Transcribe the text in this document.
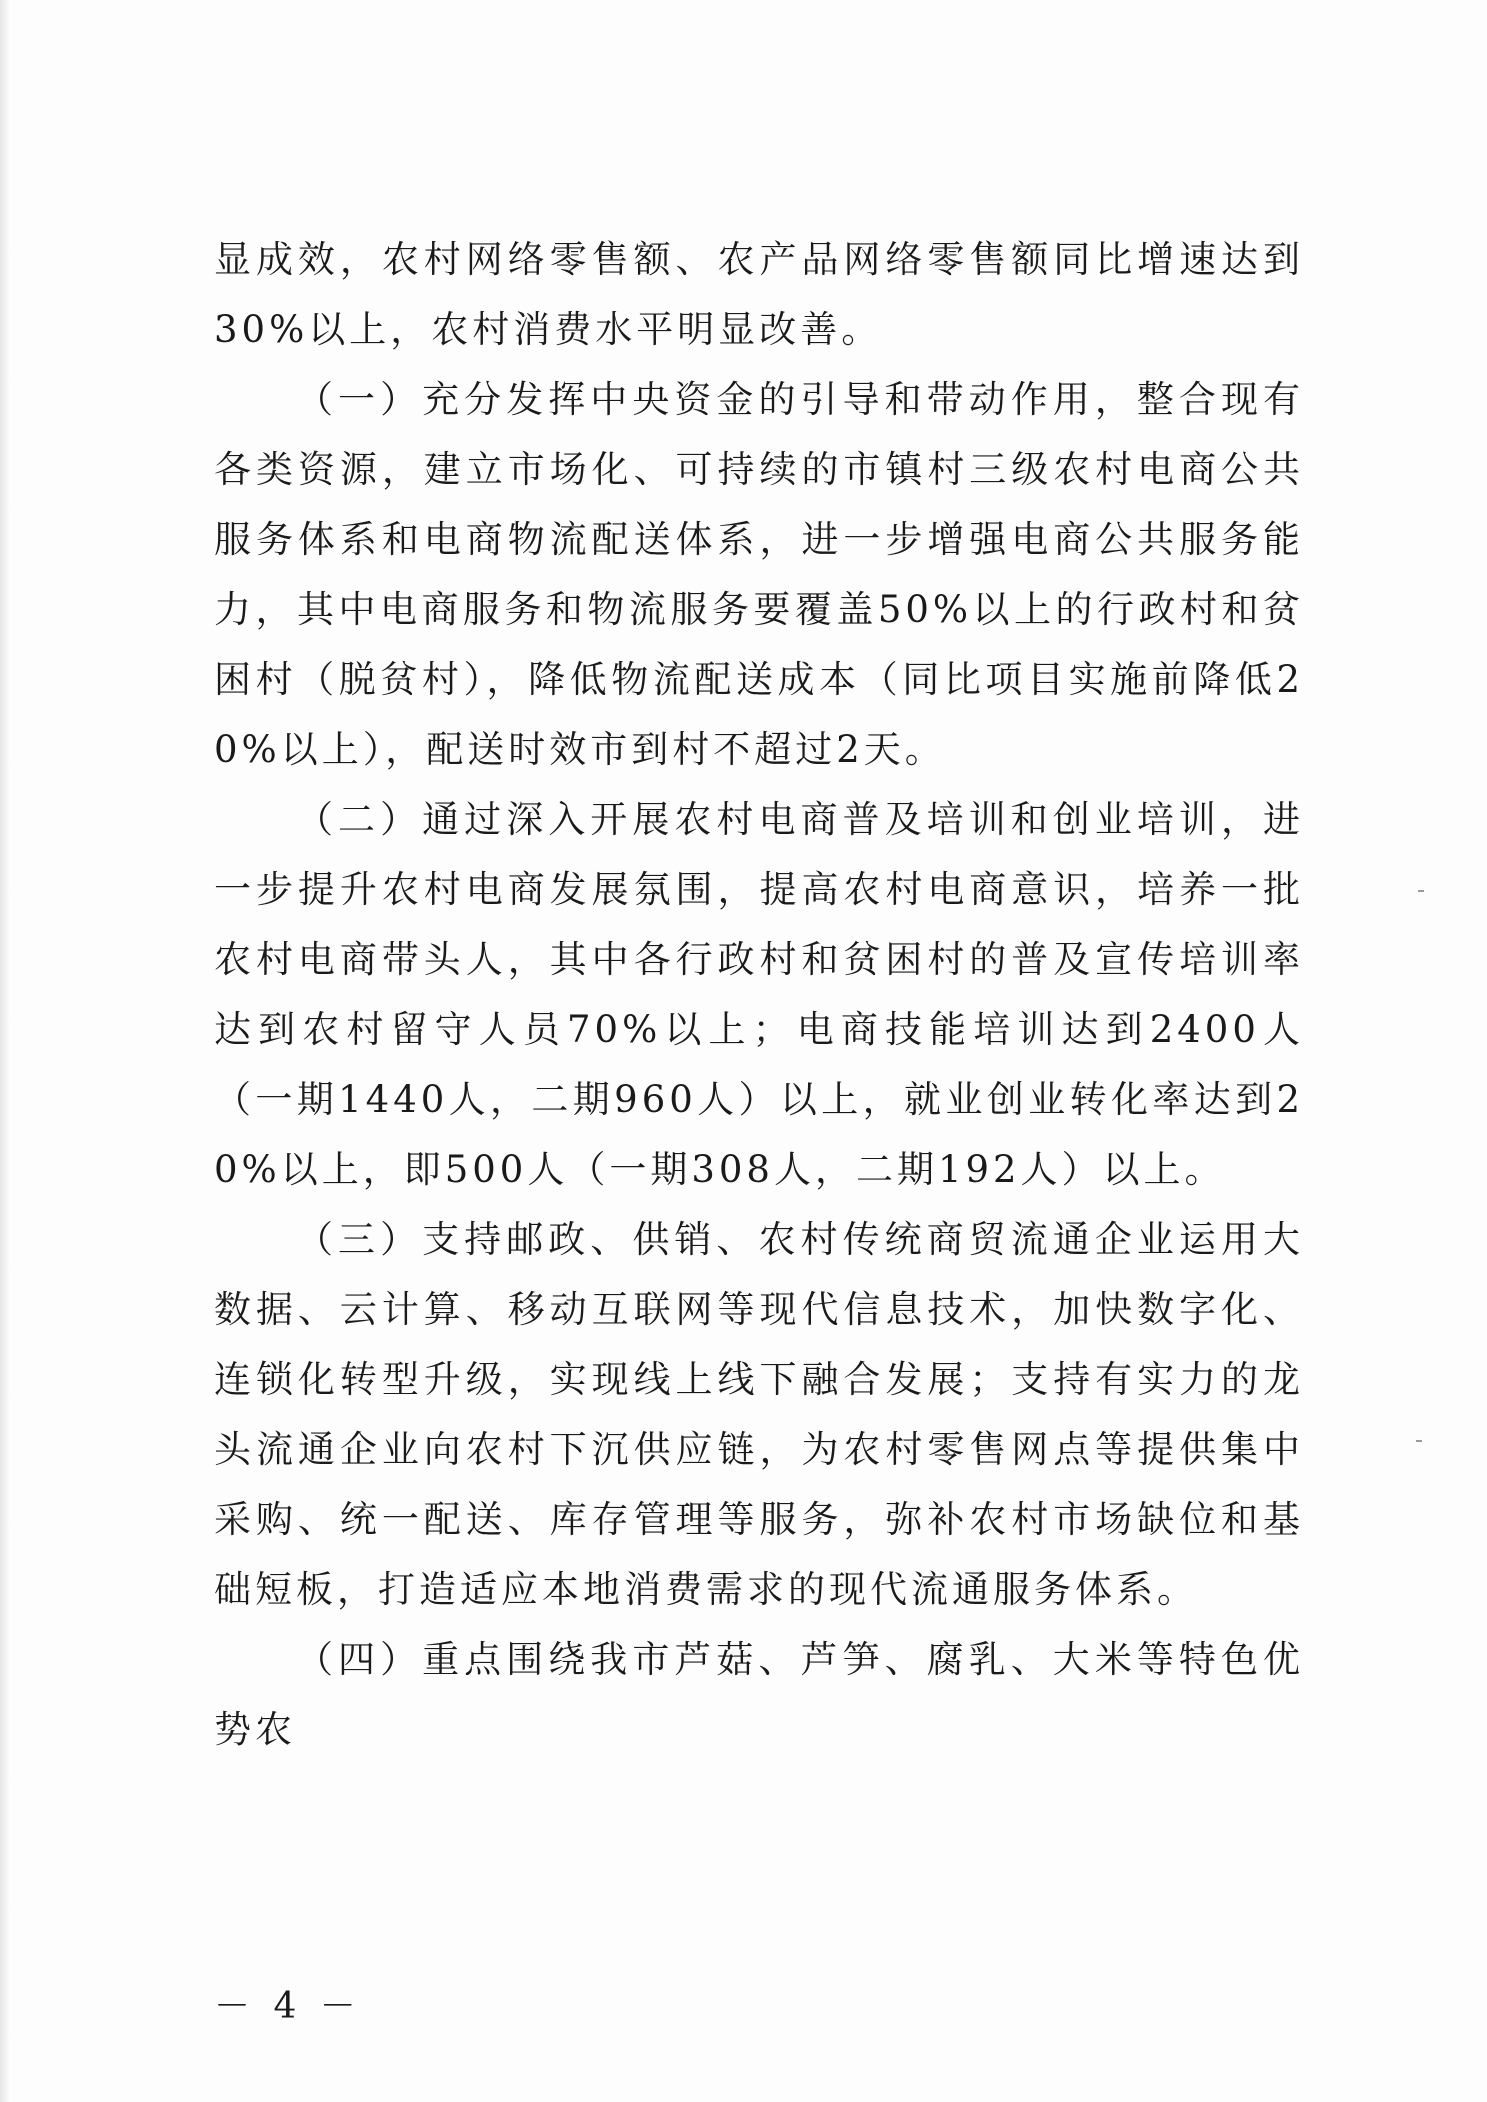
显成效，农村网络零售额、农产品网络零售额同比增速达到30%以上，农村消费水平明显改善。

（一）充分发挥中央资金的引导和带动作用，整合现有各类资源，建立市场化、可持续的市镇村三级农村电商公共服务体系和电商物流配送体系，进一步增强电商公共服务能力，其中电商服务和物流服务要覆盖50%以上的行政村和贫困村（脱贫村），降低物流配送成本（同比项目实施前降低20%以上），配送时效市到村不超过2天。

（二）通过深入开展农村电商普及培训和创业培训，进一步提升农村电商发展氛围，提高农村电商意识，培养一批农村电商带头人，其中各行政村和贫困村的普及宣传培训率达到农村留守人员70%以上；电商技能培训达到2400人（一期1440人，二期960人）以上，就业创业转化率达到20%以上，即500人（一期308人，二期192人）以上。

（三）支持邮政、供销、农村传统商贸流通企业运用大数据、云计算、移动互联网等现代信息技术，加快数字化、连锁化转型升级，实现线上线下融合发展；支持有实力的龙头流通企业向农村下沉供应链，为农村零售网点等提供集中采购、统一配送、库存管理等服务，弥补农村市场缺位和基础短板，打造适应本地消费需求的现代流通服务体系。

（四）重点围绕我市芦菇、芦笋、腐乳、大米等特色优势农

－ 4 －
